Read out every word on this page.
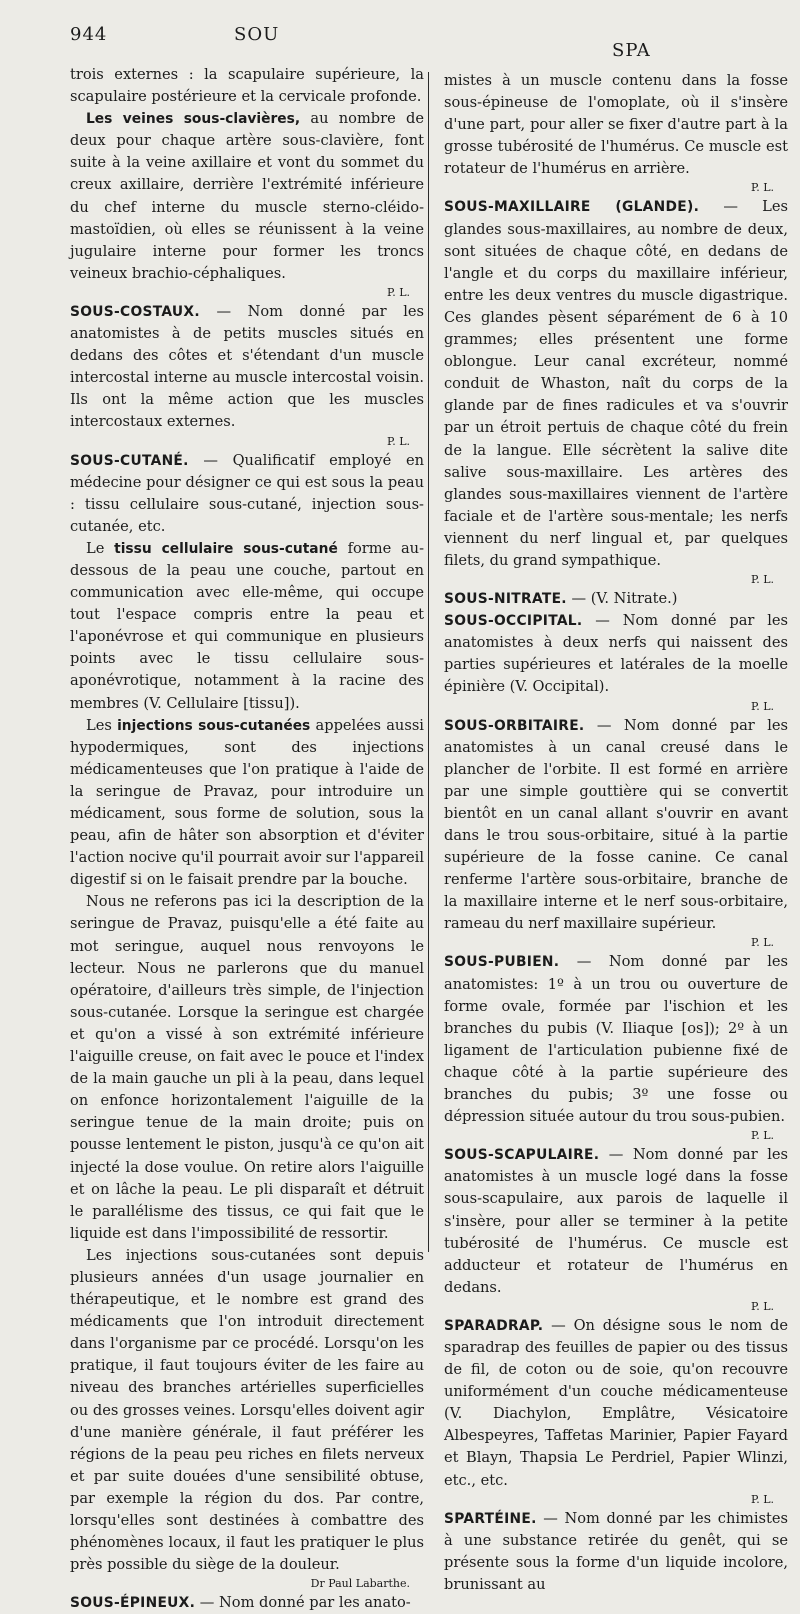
944	SOU
SPA

trois externes : la scapulaire supérieure, la scapulaire postérieure et la cervicale profonde.

Les veines sous-clavières, au nombre de deux pour chaque artère sous-clavière, font suite à la veine axillaire et vont du sommet du creux axillaire, derrière l'extrémité inférieure du chef interne du muscle sterno-cléido-mastoïdien, où elles se réunissent à la veine jugulaire interne pour former les troncs veineux brachio-céphaliques.

P. L.

SOUS-COSTAUX. — Nom donné par les anatomistes à de petits muscles situés en dedans des côtes et s'étendant d'un muscle intercostal interne au muscle intercostal voisin. Ils ont la même action que les muscles intercostaux externes.

P. L.

SOUS-CUTANÉ. — Qualificatif employé en médecine pour désigner ce qui est sous la peau : tissu cellulaire sous-cutané, injection sous-cutanée, etc.

Le tissu cellulaire sous-cutané forme au-dessous de la peau une couche, partout en communication avec elle-même, qui occupe tout l'espace compris entre la peau et l'aponévrose et qui communique en plusieurs points avec le tissu cellulaire sous-aponévrotique, notamment à la racine des membres (V. Cellulaire [tissu]).

Les injections sous-cutanées appelées aussi hypodermiques, sont des injections médicamenteuses que l'on pratique à l'aide de la seringue de Pravaz, pour introduire un médicament, sous forme de solution, sous la peau, afin de hâter son absorption et d'éviter l'action nocive qu'il pourrait avoir sur l'appareil digestif si on le faisait prendre par la bouche.

Nous ne referons pas ici la description de la seringue de Pravaz, puisqu'elle a été faite au mot seringue, auquel nous renvoyons le lecteur. Nous ne parlerons que du manuel opératoire, d'ailleurs très simple, de l'injection sous-cutanée. Lorsque la seringue est chargée et qu'on a vissé à son extrémité inférieure l'aiguille creuse, on fait avec le pouce et l'index de la main gauche un pli à la peau, dans lequel on enfonce horizontalement l'aiguille de la seringue tenue de la main droite; puis on pousse lentement le piston, jusqu'à ce qu'on ait injecté la dose voulue. On retire alors l'aiguille et on lâche la peau. Le pli disparaît et détruit le parallélisme des tissus, ce qui fait que le liquide est dans l'impossibilité de ressortir.

Les injections sous-cutanées sont depuis plusieurs années d'un usage journalier en thérapeutique, et le nombre est grand des médicaments que l'on introduit directement dans l'organisme par ce procédé. Lorsqu'on les pratique, il faut toujours éviter de les faire au niveau des branches artérielles superficielles ou des grosses veines. Lorsqu'elles doivent agir d'une manière générale, il faut préférer les régions de la peau peu riches en filets nerveux et par suite douées d'une sensibilité obtuse, par exemple la région du dos. Par contre, lorsqu'elles sont destinées à combattre des phénomènes locaux, il faut les pratiquer le plus près possible du siège de la douleur.

Dr Paul Labarthe.

SOUS-ÉPINEUX. — Nom donné par les anato-

mistes à un muscle contenu dans la fosse sous-épineuse de l'omoplate, où il s'insère d'une part, pour aller se fixer d'autre part à la grosse tubérosité de l'humérus. Ce muscle est rotateur de l'humérus en arrière.

P. L.

SOUS-MAXILLAIRE (GLANDE). — Les glandes sous-maxillaires, au nombre de deux, sont situées de chaque côté, en dedans de l'angle et du corps du maxillaire inférieur, entre les deux ventres du muscle digastrique. Ces glandes pèsent séparément de 6 à 10 grammes; elles présentent une forme oblongue. Leur canal excréteur, nommé conduit de Whaston, naît du corps de la glande par de fines radicules et va s'ouvrir par un étroit pertuis de chaque côté du frein de la langue. Elle sécrètent la salive dite salive sous-maxillaire. Les artères des glandes sous-maxillaires viennent de l'artère faciale et de l'artère sous-mentale; les nerfs viennent du nerf lingual et, par quelques filets, du grand sympathique.

P. L.

SOUS-NITRATE. — (V. Nitrate.)

SOUS-OCCIPITAL. — Nom donné par les anatomistes à deux nerfs qui naissent des parties supérieures et latérales de la moelle épinière (V. Occipital).

P. L.

SOUS-ORBITAIRE. — Nom donné par les anatomistes à un canal creusé dans le plancher de l'orbite. Il est formé en arrière par une simple gouttière qui se convertit bientôt en un canal allant s'ouvrir en avant dans le trou sous-orbitaire, situé à la partie supérieure de la fosse canine. Ce canal renferme l'artère sous-orbitaire, branche de la maxillaire interne et le nerf sous-orbitaire, rameau du nerf maxillaire supérieur.

P. L.

SOUS-PUBIEN. — Nom donné par les anatomistes: 1º à un trou ou ouverture de forme ovale, formée par l'ischion et les branches du pubis (V. Iliaque [os]); 2º à un ligament de l'articulation pubienne fixé de chaque côté à la partie supérieure des branches du pubis; 3º une fosse ou dépression située autour du trou sous-pubien.

P. L.

SOUS-SCAPULAIRE. — Nom donné par les anatomistes à un muscle logé dans la fosse sous-scapulaire, aux parois de laquelle il s'insère, pour aller se terminer à la petite tubérosité de l'humérus. Ce muscle est adducteur et rotateur de l'humérus en dedans.

P. L.

SPARADRAP. — On désigne sous le nom de sparadrap des feuilles de papier ou des tissus de fil, de coton ou de soie, qu'on recouvre uniformément d'un couche médicamenteuse (V. Diachylon, Emplâtre, Vésicatoire Albespeyres, Taffetas Marinier, Papier Fayard et Blayn, Thapsia Le Perdriel, Papier Wlinzi, etc., etc.

P. L.

SPARTÉINE. — Nom donné par les chimistes à une substance retirée du genêt, qui se présente sous la forme d'un liquide incolore, brunissant au
